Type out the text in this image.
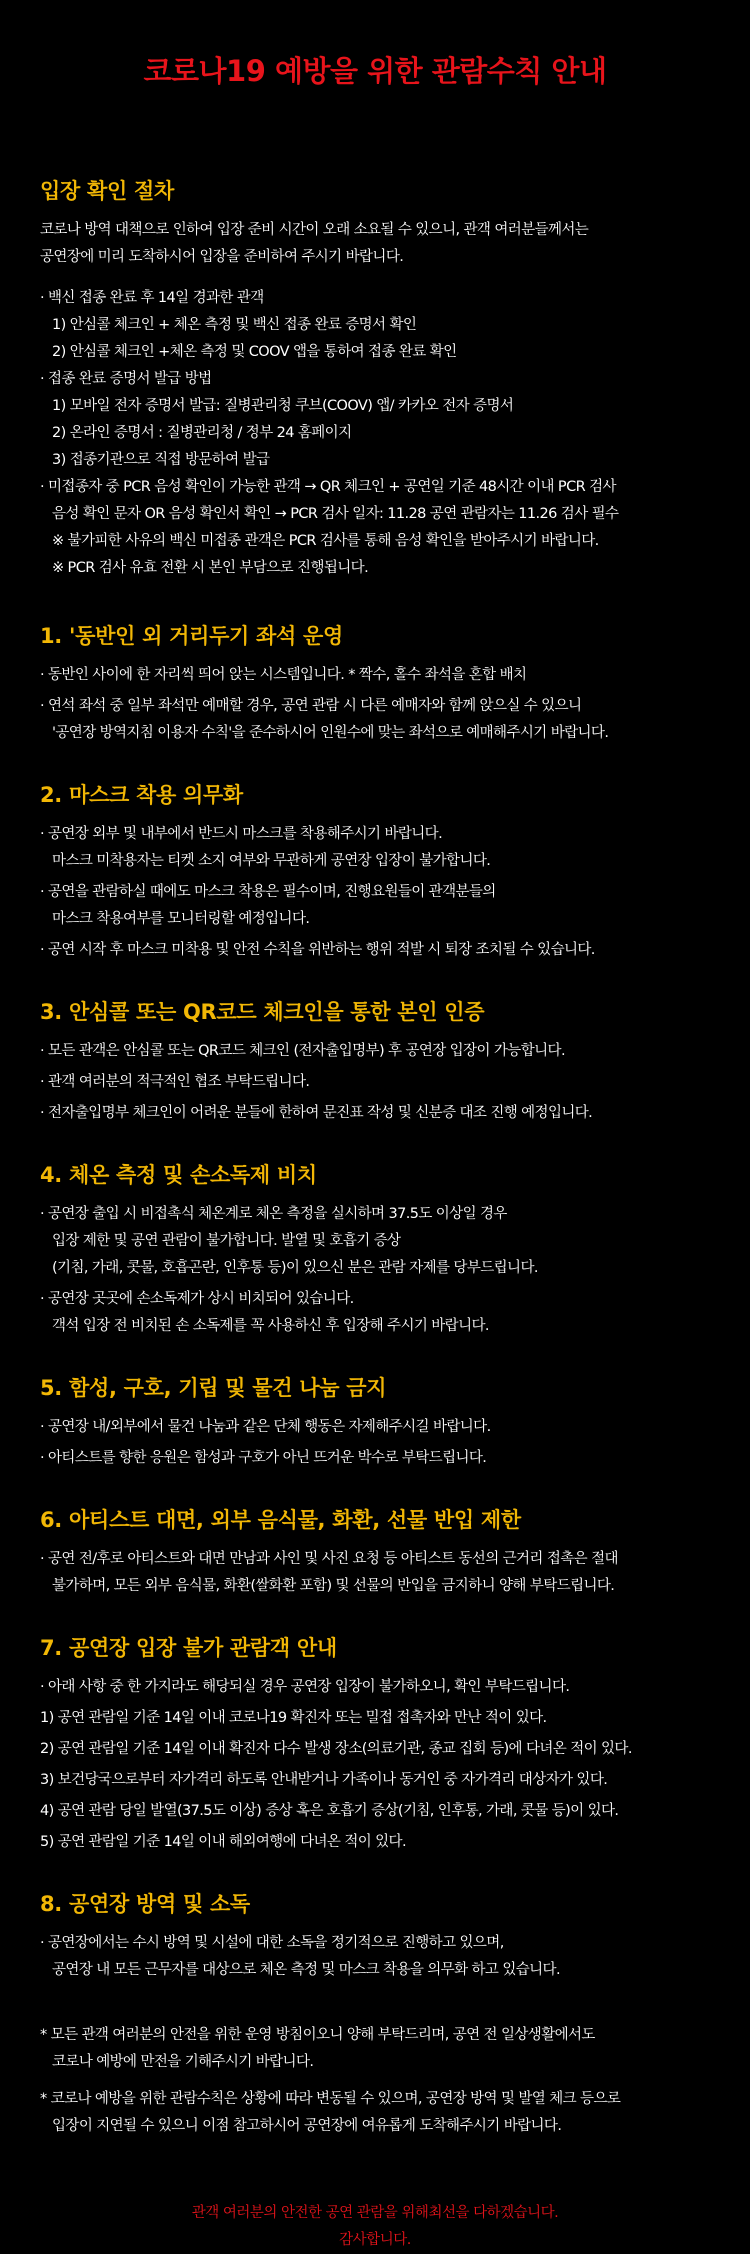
코로나19 예방을 위한 관람수칙 안내
입장 확인 절차

코로나 방역 대책으로 인하여 입장 준비 시간이 오래 소요될 수 있으니, 관객 여러분들께서는

공연장에 미리 도착하시어 입장을 준비하여 주시기 바랍니다.

· 백신 접종 완료 후 14일 경과한 관객

1) 안심콜 체크인 + 체온 측정 및 백신 접종 완료 증명서 확인

2) 안심콜 체크인 +체온 측정 및 COOV 앱을 통하여 접종 완료 확인

· 접종 완료 증명서 발급 방법

1) 모바일 전자 증명서 발급: 질병관리청 쿠브(COOV) 앱/ 카카오 전자 증명서

2) 온라인 증명서 : 질병관리청 / 정부 24 홈페이지

3) 접종기관으로 직접 방문하여 발급

· 미접종자 중 PCR 음성 확인이 가능한 관객 → QR 체크인 + 공연일 기준 48시간 이내 PCR 검사

음성 확인 문자 OR 음성 확인서 확인 → PCR 검사 일자: 11.28 공연 관람자는 11.26 검사 필수

※ 불가피한 사유의 백신 미접종 관객은 PCR 검사를 통해 음성 확인을 받아주시기 바랍니다.

※ PCR 검사 유효 전환 시 본인 부담으로 진행됩니다.

1. '동반인 외 거리두기 좌석 운영

· 동반인 사이에 한 자리씩 띄어 앉는 시스템입니다. * 짝수, 홀수 좌석을 혼합 배치

· 연석 좌석 중 일부 좌석만 예매할 경우, 공연 관람 시 다른 예매자와 함께 앉으실 수 있으니

'공연장 방역지침 이용자 수칙'을 준수하시어 인원수에 맞는 좌석으로 예매해주시기 바랍니다.

2. 마스크 착용 의무화

· 공연장 외부 및 내부에서 반드시 마스크를 착용해주시기 바랍니다.

마스크 미착용자는 티켓 소지 여부와 무관하게 공연장 입장이 불가합니다.

· 공연을 관람하실 때에도 마스크 착용은 필수이며, 진행요원들이 관객분들의

마스크 착용여부를 모니터링할 예정입니다.

· 공연 시작 후 마스크 미착용 및 안전 수칙을 위반하는 행위 적발 시 퇴장 조치될 수 있습니다.

3. 안심콜 또는 QR코드 체크인을 통한 본인 인증

· 모든 관객은 안심콜 또는 QR코드 체크인 (전자출입명부) 후 공연장 입장이 가능합니다.

· 관객 여러분의 적극적인 협조 부탁드립니다.

· 전자출입명부 체크인이 어려운 분들에 한하여 문진표 작성 및 신분증 대조 진행 예정입니다.

4. 체온 측정 및 손소독제 비치

· 공연장 출입 시 비접촉식 체온계로 체온 측정을 실시하며 37.5도 이상일 경우

입장 제한 및 공연 관람이 불가합니다. 발열 및 호흡기 증상

(기침, 가래, 콧물, 호흡곤란, 인후통 등)이 있으신 분은 관람 자제를 당부드립니다.

· 공연장 곳곳에 손소독제가 상시 비치되어 있습니다.

객석 입장 전 비치된 손 소독제를 꼭 사용하신 후 입장해 주시기 바랍니다.

5. 함성, 구호, 기립 및 물건 나눔 금지

· 공연장 내/외부에서 물건 나눔과 같은 단체 행동은 자제해주시길 바랍니다.

· 아티스트를 향한 응원은 함성과 구호가 아닌 뜨거운 박수로 부탁드립니다.

6. 아티스트 대면, 외부 음식물, 화환, 선물 반입 제한

· 공연 전/후로 아티스트와 대면 만남과 사인 및 사진 요청 등 아티스트 동선의 근거리 접촉은 절대

불가하며, 모든 외부 음식물, 화환(쌀화환 포함) 및 선물의 반입을 금지하니 양해 부탁드립니다.

7. 공연장 입장 불가 관람객 안내

· 아래 사항 중 한 가지라도 해당되실 경우 공연장 입장이 불가하오니, 확인 부탁드립니다.

1) 공연 관람일 기준 14일 이내 코로나19 확진자 또는 밀접 접촉자와 만난 적이 있다.

2) 공연 관람일 기준 14일 이내 확진자 다수 발생 장소(의료기관, 종교 집회 등)에 다녀온 적이 있다.

3) 보건당국으로부터 자가격리 하도록 안내받거나 가족이나 동거인 중 자가격리 대상자가 있다.

4) 공연 관람 당일 발열(37.5도 이상) 증상 혹은 호흡기 증상(기침, 인후통, 가래, 콧물 등)이 있다.

5) 공연 관람일 기준 14일 이내 해외여행에 다녀온 적이 있다.

8. 공연장 방역 및 소독

· 공연장에서는 수시 방역 및 시설에 대한 소독을 정기적으로 진행하고 있으며,

공연장 내 모든 근무자를 대상으로 체온 측정 및 마스크 착용을 의무화 하고 있습니다.

* 모든 관객 여러분의 안전을 위한 운영 방침이오니 양해 부탁드리며, 공연 전 일상생활에서도

코로나 예방에 만전을 기해주시기 바랍니다.

* 코로나 예방을 위한 관람수칙은 상황에 따라 변동될 수 있으며, 공연장 방역 및 발열 체크 등으로

입장이 지연될 수 있으니 이점 참고하시어 공연장에 여유롭게 도착해주시기 바랍니다.

관객 여러분의 안전한 공연 관람을 위해최선을 다하겠습니다.

감사합니다.
